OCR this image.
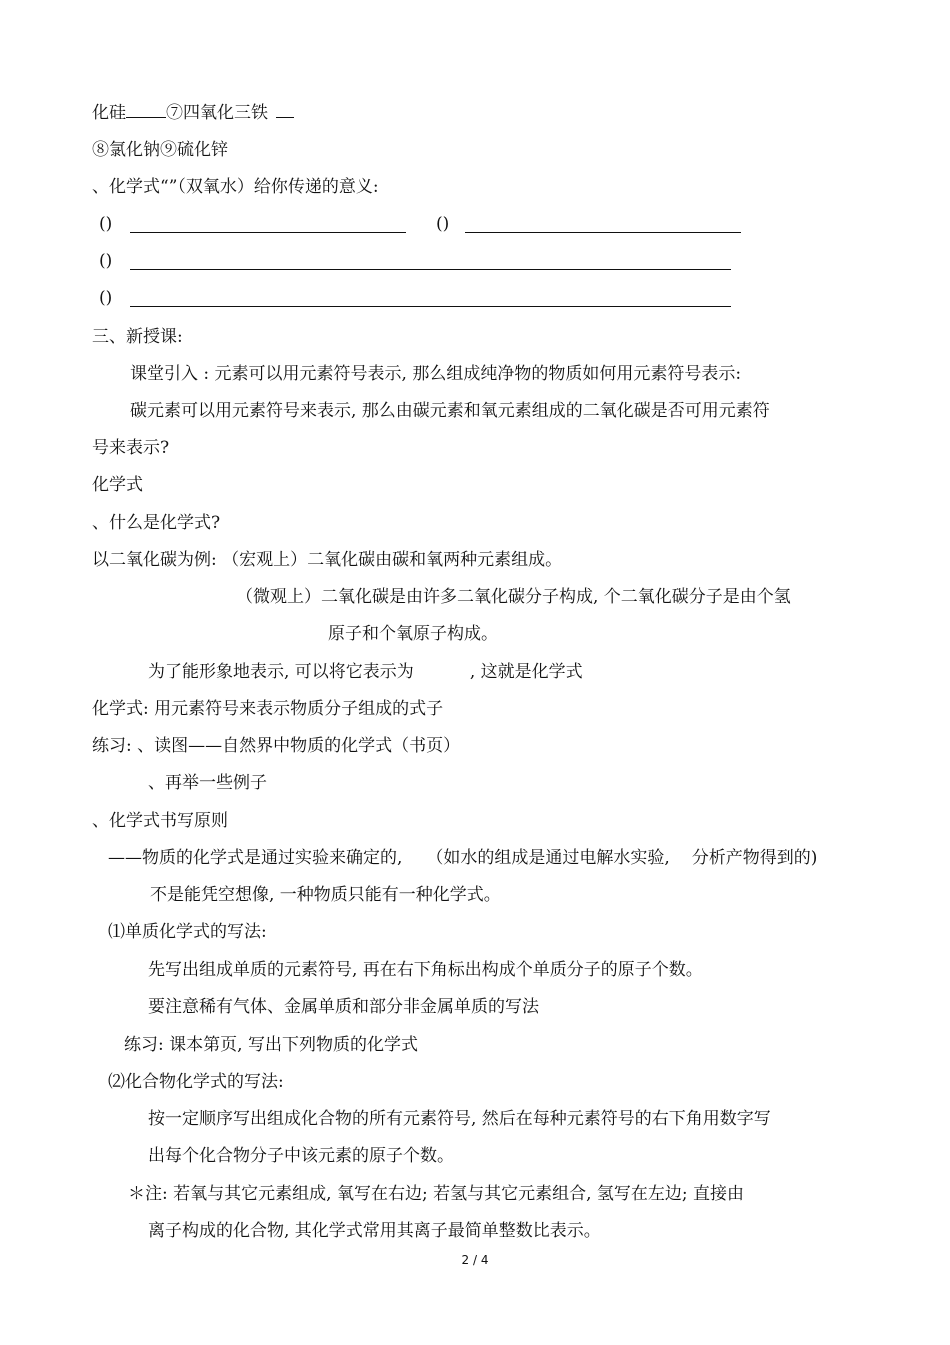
化硅 ⑦四氧化三铁
⑧氯化钠⑨硫化锌
、化学式“”（双氧水）给你传递的意义:
()	()
()
()
三、新授课:
课堂引入 : 元素可以用元素符号表示, 那么组成纯净物的物质如何用元素符号表示:
碳元素可以用元素符号来表示, 那么由碳元素和氧元素组成的二氧化碳是否可用元素符
号来表示?
化学式
、什么是化学式?
以二氧化碳为例: （宏观上）二氧化碳由碳和氧两种元素组成。
（微观上）二氧化碳是由许多二氧化碳分子构成, 个二氧化碳分子是由个氢
原子和个氧原子构成。
为了能形象地表示, 可以将它表示为	, 这就是化学式
化学式: 用元素符号来表示物质分子组成的式子
练习: 、读图——自然界中物质的化学式（书页）
、再举一些例子
、化学式书写原则
——物质的化学式是通过实验来确定的, （如水的组成是通过电解水实验, 分析产物得到的)
不是能凭空想像, 一种物质只能有一种化学式。
⑴单质化学式的写法:
先写出组成单质的元素符号, 再在右下角标出构成个单质分子的原子个数。
要注意稀有气体、金属单质和部分非金属单质的写法
练习: 课本第页, 写出下列物质的化学式
⑵化合物化学式的写法:
按一定顺序写出组成化合物的所有元素符号, 然后在每种元素符号的右下角用数字写
出每个化合物分子中该元素的原子个数。
＊注: 若氧与其它元素组成, 氧写在右边; 若氢与其它元素组合, 氢写在左边; 直接由
离子构成的化合物, 其化学式常用其离子最简单整数比表示。
2 / 4
